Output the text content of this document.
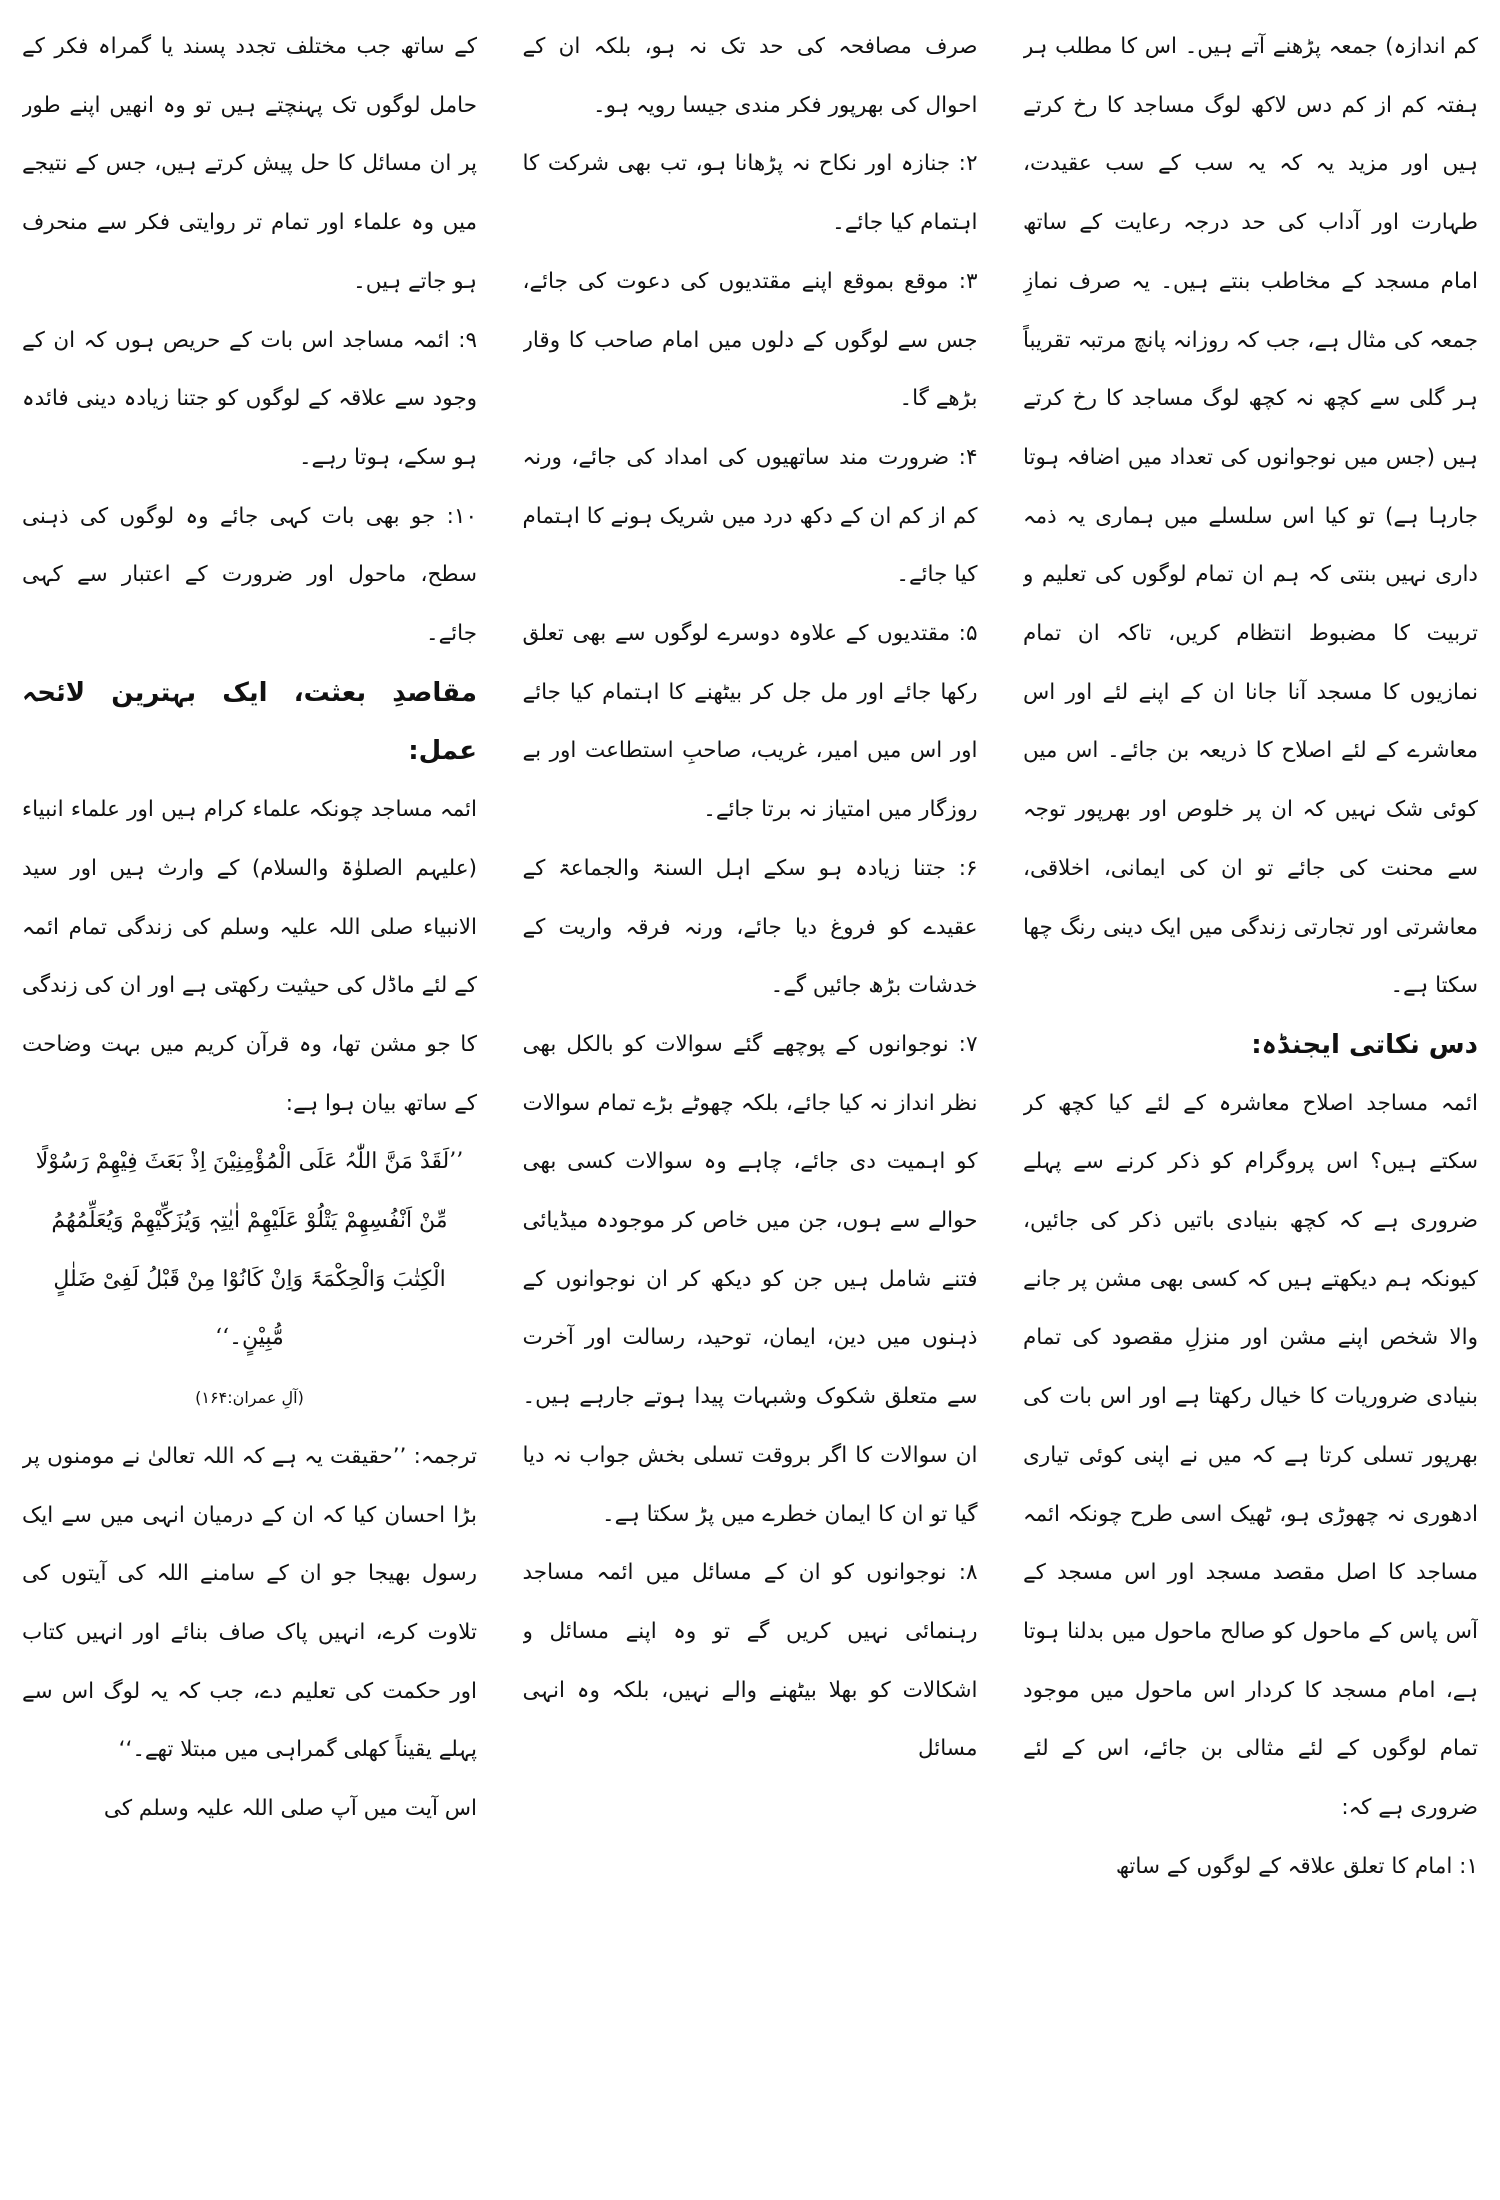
کم اندازہ) جمعہ پڑھنے آتے ہیں۔ اس کا مطلب ہر ہفتہ کم از کم دس لاکھ لوگ مساجد کا رخ کرتے ہیں اور مزید یہ کہ یہ سب کے سب عقیدت، طہارت اور آداب کی حد درجہ رعایت کے ساتھ امام مسجد کے مخاطب بنتے ہیں۔ یہ صرف نمازِ جمعہ کی مثال ہے، جب کہ روزانہ پانچ مرتبہ تقریباً ہر گلی سے کچھ نہ کچھ لوگ مساجد کا رخ کرتے ہیں (جس میں نوجوانوں کی تعداد میں اضافہ ہوتا جارہا ہے) تو کیا اس سلسلے میں ہماری یہ ذمہ داری نہیں بنتی کہ ہم ان تمام لوگوں کی تعلیم و تربیت کا مضبوط انتظام کریں، تاکہ ان تمام نمازیوں کا مسجد آنا جانا ان کے اپنے لئے اور اس معاشرے کے لئے اصلاح کا ذریعہ بن جائے۔ اس میں کوئی شک نہیں کہ ان پر خلوص اور بھرپور توجہ سے محنت کی جائے تو ان کی ایمانی، اخلاقی، معاشرتی اور تجارتی زندگی میں ایک دینی رنگ چھا سکتا ہے۔

دس نکاتی ایجنڈہ:

ائمہ مساجد اصلاح معاشرہ کے لئے کیا کچھ کر سکتے ہیں؟ اس پروگرام کو ذکر کرنے سے پہلے ضروری ہے کہ کچھ بنیادی باتیں ذکر کی جائیں، کیونکہ ہم دیکھتے ہیں کہ کسی بھی مشن پر جانے والا شخص اپنے مشن اور منزلِ مقصود کی تمام بنیادی ضروریات کا خیال رکھتا ہے اور اس بات کی بھرپور تسلی کرتا ہے کہ میں نے اپنی کوئی تیاری ادھوری نہ چھوڑی ہو، ٹھیک اسی طرح چونکہ ائمہ مساجد کا اصل مقصد مسجد اور اس مسجد کے آس پاس کے ماحول کو صالح ماحول میں بدلنا ہوتا ہے، امام مسجد کا کردار اس ماحول میں موجود تمام لوگوں کے لئے مثالی بن جائے، اس کے لئے ضروری ہے کہ:

۱: امام کا تعلق علاقہ کے لوگوں کے ساتھ

صرف مصافحہ کی حد تک نہ ہو، بلکہ ان کے احوال کی بھرپور فکر مندی جیسا رویہ ہو۔

۲: جنازہ اور نکاح نہ پڑھانا ہو، تب بھی شرکت کا اہتمام کیا جائے۔

۳: موقع بموقع اپنے مقتدیوں کی دعوت کی جائے، جس سے لوگوں کے دلوں میں امام صاحب کا وقار بڑھے گا۔

۴: ضرورت مند ساتھیوں کی امداد کی جائے، ورنہ کم از کم ان کے دکھ درد میں شریک ہونے کا اہتمام کیا جائے۔

۵: مقتدیوں کے علاوہ دوسرے لوگوں سے بھی تعلق رکھا جائے اور مل جل کر بیٹھنے کا اہتمام کیا جائے اور اس میں امیر، غریب، صاحبِ استطاعت اور بے روزگار میں امتیاز نہ برتا جائے۔

۶: جتنا زیادہ ہو سکے اہل السنۃ والجماعۃ کے عقیدے کو فروغ دیا جائے، ورنہ فرقہ واریت کے خدشات بڑھ جائیں گے۔

۷: نوجوانوں کے پوچھے گئے سوالات کو بالکل بھی نظر انداز نہ کیا جائے، بلکہ چھوٹے بڑے تمام سوالات کو اہمیت دی جائے، چاہے وہ سوالات کسی بھی حوالے سے ہوں، جن میں خاص کر موجودہ میڈیائی فتنے شامل ہیں جن کو دیکھ کر ان نوجوانوں کے ذہنوں میں دین، ایمان، توحید، رسالت اور آخرت سے متعلق شکوک وشبہات پیدا ہوتے جارہے ہیں۔ ان سوالات کا اگر بروقت تسلی بخش جواب نہ دیا گیا تو ان کا ایمان خطرے میں پڑ سکتا ہے۔

۸: نوجوانوں کو ان کے مسائل میں ائمہ مساجد رہنمائی نہیں کریں گے تو وہ اپنے مسائل و اشکالات کو بھلا بیٹھنے والے نہیں، بلکہ وہ انہی مسائل

کے ساتھ جب مختلف تجدد پسند یا گمراہ فکر کے حامل لوگوں تک پہنچتے ہیں تو وہ انھیں اپنے طور پر ان مسائل کا حل پیش کرتے ہیں، جس کے نتیجے میں وہ علماء اور تمام تر روایتی فکر سے منحرف ہو جاتے ہیں۔

۹: ائمہ مساجد اس بات کے حریص ہوں کہ ان کے وجود سے علاقہ کے لوگوں کو جتنا زیادہ دینی فائدہ ہو سکے، ہوتا رہے۔

۱۰: جو بھی بات کہی جائے وہ لوگوں کی ذہنی سطح، ماحول اور ضرورت کے اعتبار سے کہی جائے۔

مقاصدِ بعثت، ایک بہترین لائحہ عمل:

ائمہ مساجد چونکہ علماء کرام ہیں اور علماء انبیاء (علیہم الصلوٰۃ والسلام) کے وارث ہیں اور سید الانبیاء صلی اللہ علیہ وسلم کی زندگی تمام ائمہ کے لئے ماڈل کی حیثیت رکھتی ہے اور ان کی زندگی کا جو مشن تھا، وہ قرآن کریم میں بہت وضاحت کے ساتھ بیان ہوا ہے:

’’لَقَدْ مَنَّ اللّٰہُ عَلَی الْمُؤْمِنِیْنَ اِذْ بَعَثَ فِیْھِمْ رَسُوْلًا مِّنْ اَنْفُسِھِمْ یَتْلُوْ عَلَیْھِمْ اٰیٰتِہٖ وَیُزَکِّیْھِمْ وَیُعَلِّمُھُمُ الْکِتٰبَ وَالْحِکْمَۃَ وَاِنْ کَانُوْا مِنْ قَبْلُ لَفِیْ ضَلٰلٍ مُّبِیْنٍ۔‘‘

(آلِ عمران:۱۶۴)

ترجمہ: ’’حقیقت یہ ہے کہ اللہ تعالیٰ نے مومنوں پر بڑا احسان کیا کہ ان کے درمیان انہی میں سے ایک رسول بھیجا جو ان کے سامنے اللہ کی آیتوں کی تلاوت کرے، انہیں پاک صاف بنائے اور انہیں کتاب اور حکمت کی تعلیم دے، جب کہ یہ لوگ اس سے پہلے یقیناً کھلی گمراہی میں مبتلا تھے۔‘‘

اس آیت میں آپ صلی اللہ علیہ وسلم کی
